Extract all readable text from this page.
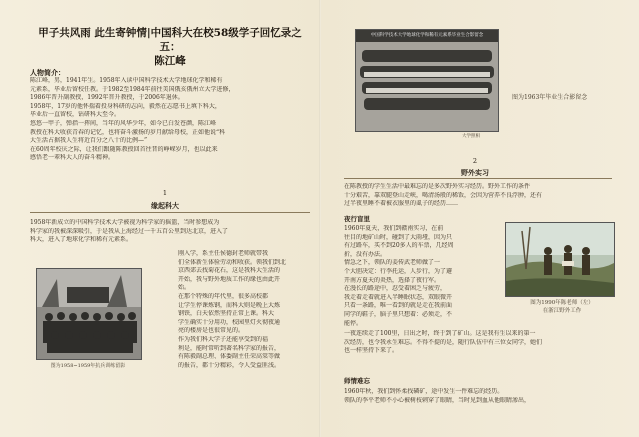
甲子共风雨 此生寄钟情|中国科大在校58级学子回忆录之五：
陈江峰
人物简介：
陈江峰，男，1941年生。1958年入读中国科学技术大学地球化学和稀有
元素系，毕业后留校任教。于1982至1984年前往美国俄亥俄州立大学进修，
1986年晋升副教授，1992年晋升教授，于2006年退休。
1958年，17岁的他怀揣着投身科研的志向，毅然在志愿书上填下科大，
毕业后一直留校，钻研科大至今。
悠悠一甲子，弹指一挥间，当年的风华少年，如今已白发苍颜，陈江峰
教授在科大收获青春的记忆，也将奋斗激扬的岁月献给母校，正如他说“科
大生活占据我人生将近百分之八十的比例—”
在60周年校庆之际，让我们跟随陈教授回首往昔的峥嵘岁月，也以此来
感悟老一辈科大人的奋斗精神。
1
缘起科大
1958年新成立的中国科学技术大学被视为科学家的摇篮，当时参想成为
科学家的我被深深吸引，于是我从上海经过一千五百公里到达北京，进入了
科大，进入了地球化学和稀有元素系。
刚入学，系主任侯德封老师就带我
们全体新生体验劳动和收获。领我们到北
京西郊去找菊花石，这是我科大生活的
开始，我与野外地质工作的缘也由此开
始。
在那个特殊的年代里，很多高校都
让学生停课炼钢，而科大则是晚上大炼
钢铁，白天依然坚持正常上课。科大
学生确实十分用功，校园里灯火彻夜通
亮的楼房是也很常见的。
作为我们科大学子还能享受到的福
利是，能时常听到著名科学家的报告，
有陈毅副总理、体委副主任荣高棠等做
的报告，都十分精彩，令人受益匪浅。
图为1958~1959年抗兵训练留影
中国科学技术大学地球化学和稀有元素系毕业生合影留念
大学照相
图为1963年毕业生合影留念
2
野外实习
在陈教授的学生生活中最难忘的是多次野外实习经历。野外工作的条件
十分艰苦，靠双腿登山走峡，喝清汤般的稀饭，会因为营养不良浮肿，还有
过半夜里睡不着被衣服里的虱子的经历……
夜行盲里
1960年夏天，我们到赣南实习，在前
往目的地矿山时，碰到了大雨垭，因为只
有过路车，买不到20多人的车票，几经周
折，没有办法。
情急之下，领队的姜传武老师做了一
个大胆决定：行李托运，人步行，为了避
开南方夏天的炎热，选择了夜行军。
在漫长的路途中，忍受着困乏与疲劳，
我走着走着就进入半睡眠状态，双眼微开
只看一条路，唯一看到的就是走在我前面
同学的鞋子，脑子里只想着：必须走，不
能停。
图为1990年陈老师（左）
在浙江野外工作
一夜连续走了100里，日出之时，终于到了矿山。这是我有生以来的第一
次经历，也令我永生难忘。不得不提的是，随行队伍中有三位女同学，她们
也一样坚持下来了。
师情难忘
1960年秋，我们到怀柔找磷矿，途中发生一件难忘的经历。
领队的李平老师不小心被树枝刺穿了眼睛，当时见到血从他眼睛渗出，
